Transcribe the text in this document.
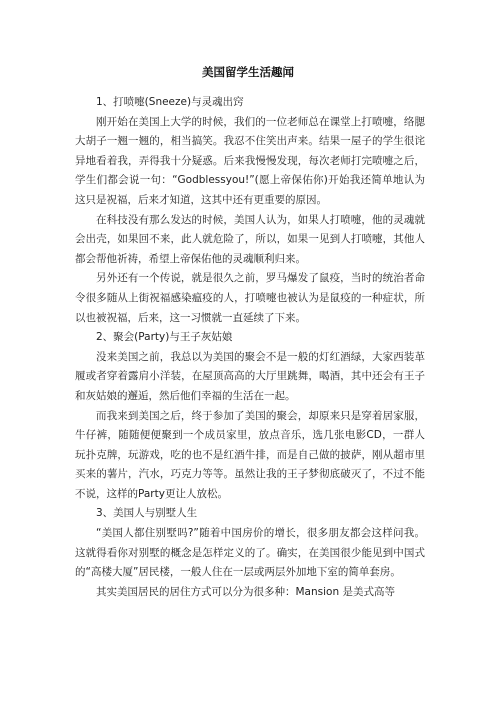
美国留学生活趣闻

1、打喷嚏(Sneeze)与灵魂出窍

刚开始在美国上大学的时候，我们的一位老师总在课堂上打喷嚏，络腮大胡子一翘一翘的，相当搞笑。我忍不住笑出声来。结果一屋子的学生很诧异地看着我，弄得我十分疑惑。后来我慢慢发现，每次老师打完喷嚏之后，学生们都会说一句：“Godblessyou!”(愿上帝保佑你)开始我还简单地认为这只是祝福，后来才知道，这其中还有更重要的原因。

在科技没有那么发达的时候，美国人认为，如果人打喷嚏，他的灵魂就会出壳，如果回不来，此人就危险了，所以，如果一见到人打喷嚏，其他人都会帮他祈祷，希望上帝保佑他的灵魂顺利归来。

另外还有一个传说，就是很久之前，罗马爆发了鼠疫，当时的统治者命令很多随从上街祝福感染瘟疫的人，打喷嚏也被认为是鼠疫的一种症状，所以也被祝福，后来，这一习惯就一直延续了下来。

2、聚会(Party)与王子灰姑娘

没来美国之前，我总以为美国的聚会不是一般的灯红酒绿，大家西装革履或者穿着露肩小洋装，在屋顶高高的大厅里跳舞，喝酒，其中还会有王子和灰姑娘的邂逅，然后他们幸福的生活在一起。

而我来到美国之后，终于参加了美国的聚会，却原来只是穿着居家服，牛仔裤，随随便便聚到一个成员家里，放点音乐，选几张电影CD，一群人玩扑克牌，玩游戏，吃的也不是红酒牛排，而是自己做的披萨，刚从超市里买来的薯片，汽水，巧克力等等。虽然让我的王子梦彻底破灭了，不过不能不说，这样的Party更让人放松。

3、美国人与别墅人生

“美国人都住别墅吗?”随着中国房价的增长，很多朋友都会这样问我。这就得看你对别墅的概念是怎样定义的了。确实，在美国很少能见到中国式的“高楼大厦”居民楼，一般人住在一层或两层外加地下室的简单套房。

其实美国居民的居住方式可以分为很多种：Mansion 是美式高等
